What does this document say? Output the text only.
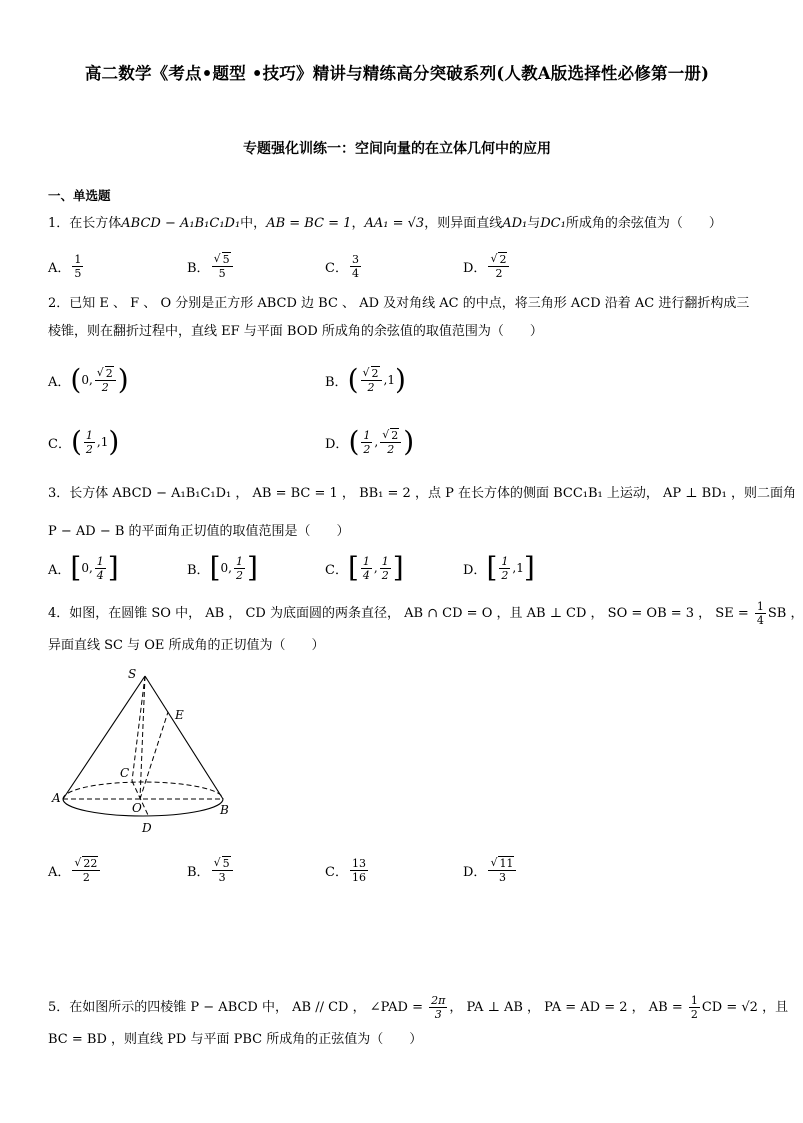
高二数学《考点•题型 •技巧》精讲与精练高分突破系列(人教A版选择性必修第一册)
专题强化训练一：空间向量的在立体几何中的应用
一、单选题
1．在长方体ABCD − A₁B₁C₁D₁中，AB = BC = 1，AA₁ = √3，则异面直线AD₁与DC₁所成角的余弦值为（　　）
A． $\frac{1}{5}$	B． √ $\frac{5}{5}$	C． $\frac{3}{4}$	D． √ $\frac{2}{2}$
2．已知 E 、 F 、 O 分别是正方形 ABCD 边 BC 、 AD 及对角线 AC 的中点，将三角形 ACD 沿着 AC 进行翻折构成三
棱锥，则在翻折过程中，直线 EF 与平面 BOD 所成角的余弦值的取值范围为（　　）
A． ( 0, √ $\frac{2}{2}$ )	B． ( √ $\frac{2}{2} ,1$ )
C． ( $\frac{1}{2} ,1$ )	D． ( $\frac{1}{2}$ , √ $\frac{2}{2}$ )
3．长方体 ABCD − A₁B₁C₁D₁ ， AB = BC = 1 ， BB₁ = 2 ，点 P 在长方体的侧面 BCC₁B₁ 上运动， AP ⊥ BD₁ ，则二面角
P − AD − B 的平面角正切值的取值范围是（　　）
A． [ 0, $\frac{1}{4}$ ]	B． [ 0, $\frac{1}{2}$ ]	C． [ $\frac{1}{4}$ , $\frac{1}{2}$ ]	D． [ $\frac{1}{2} ,1$ ]
4．如图，在圆锥 SO 中， AB ， CD 为底面圆的两条直径， AB ∩ CD = O ，且 AB ⊥ CD ， SO = OB = 3 ， SE = $\frac{1}{4}$ SB ，
异面直线 SC 与 OE 所成角的正切值为（　　）
S
E
C
A
O	B
D
A． √ $\frac{22}{2}$	B． √ $\frac{5}{3}$	C． $\frac{13}{16}$	D． √ $\frac{11}{3}$
5．在如图所示的四棱锥 P − ABCD 中， AB // CD ， ∠PAD = $\frac{2\pi}{3}$ ， PA ⊥ AB ， PA = AD = 2 ， AB = $\frac{1}{2}$ CD = √2 ，且
BC = BD ，则直线 PD 与平面 PBC 所成角的正弦值为（　　）
